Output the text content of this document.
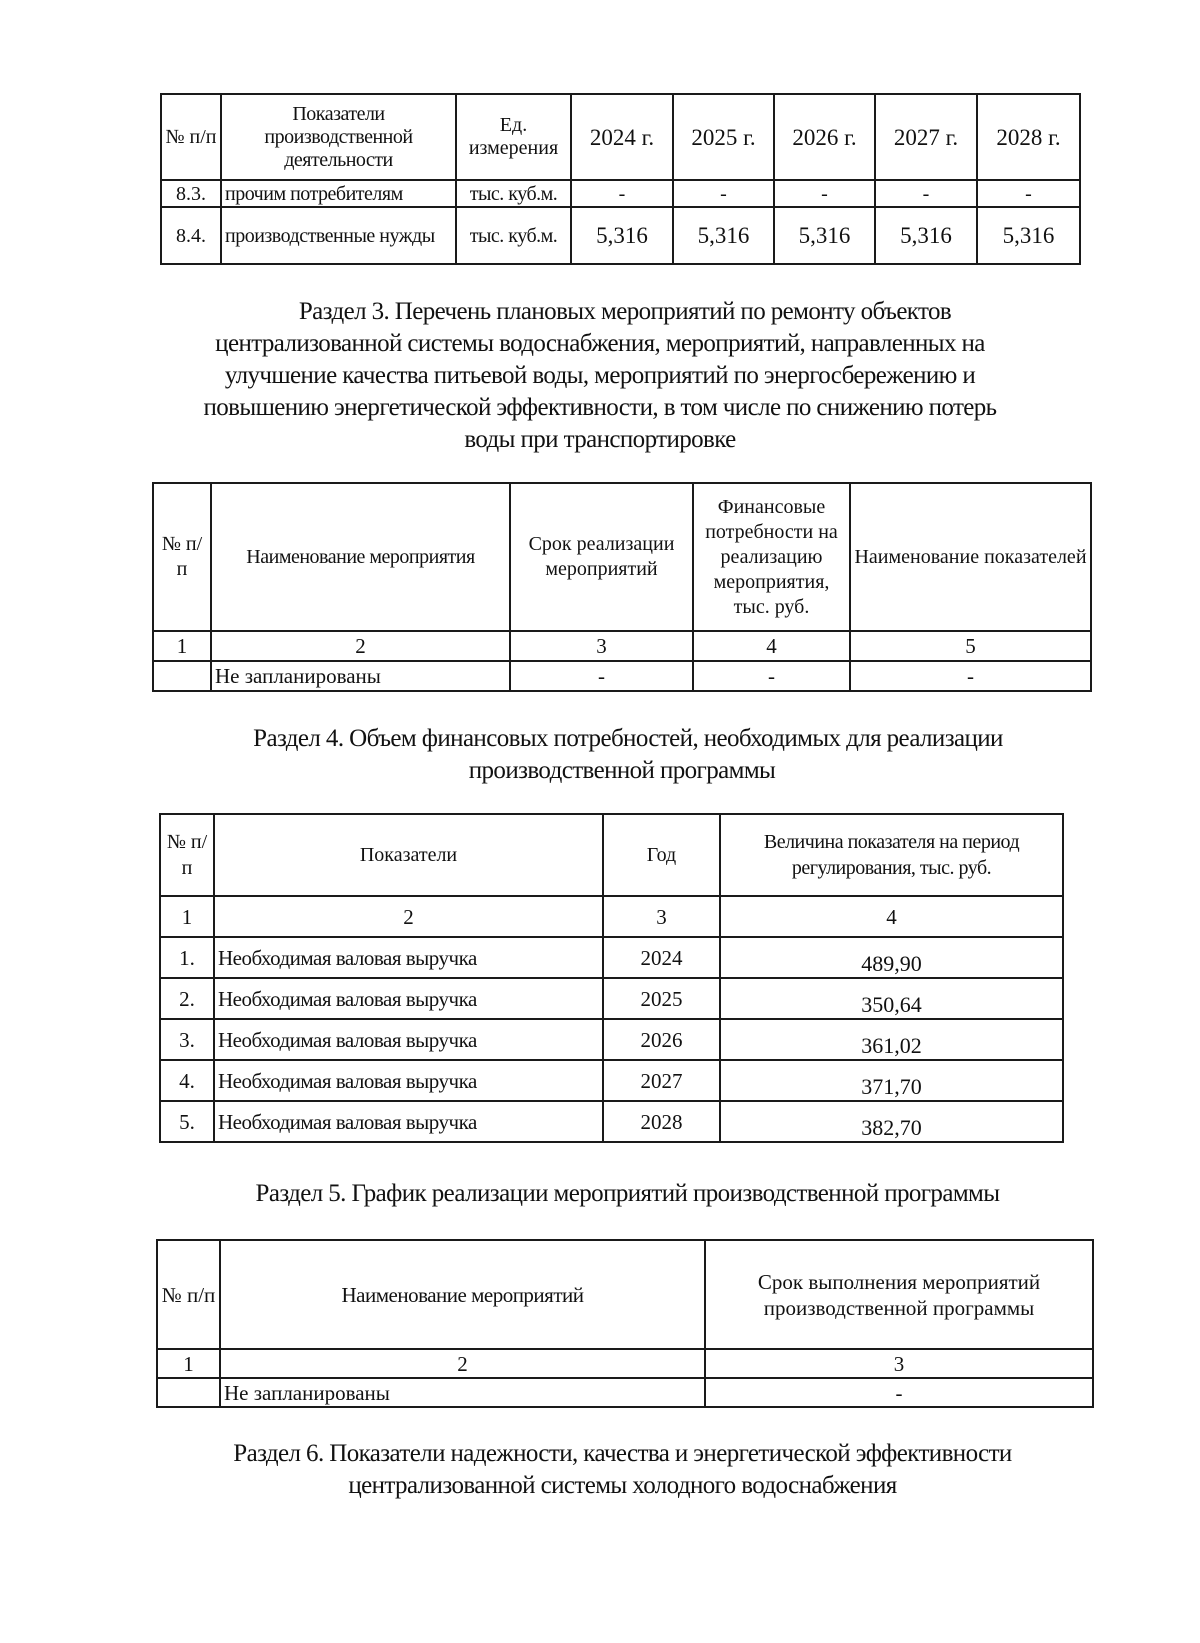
№ п/п	Показатели производственной деятельности	Ед. измерения	2024 г.	2025 г.	2026 г.	2027 г.	2028 г.
8.3.	прочим потребителям	тыс. куб.м.	-	-	-	-	-
8.4.	производственные нужды	тыс. куб.м.	5,316	5,316	5,316	5,316	5,316
Раздел 3. Перечень плановых мероприятий по ремонту объектов
централизованной системы водоснабжения, мероприятий, направленных на
улучшение качества питьевой воды, мероприятий по энергосбережению и
повышению энергетической эффективности, в том числе по снижению потерь
воды при транспортировке
№ п/п	Наименование мероприятия	Срок реализации мероприятий	Финансовые потребности на реализацию мероприятия, тыс. руб.	Наименование показателей
1	2	3	4	5
	Не запланированы	-	-	-
Раздел 4. Объем финансовых потребностей, необходимых для реализации
производственной программы
№ п/п	Показатели	Год	Величина показателя на период регулирования, тыс. руб.
1	2	3	4
1.	Необходимая валовая выручка	2024	489,90
2.	Необходимая валовая выручка	2025	350,64
3.	Необходимая валовая выручка	2026	361,02
4.	Необходимая валовая выручка	2027	371,70
5.	Необходимая валовая выручка	2028	382,70
Раздел 5. График реализации мероприятий производственной программы
№ п/п	Наименование мероприятий	Срок выполнения мероприятий производственной программы
1	2	3
	Не запланированы	-
Раздел 6. Показатели надежности, качества и энергетической эффективности
централизованной системы холодного водоснабжения
